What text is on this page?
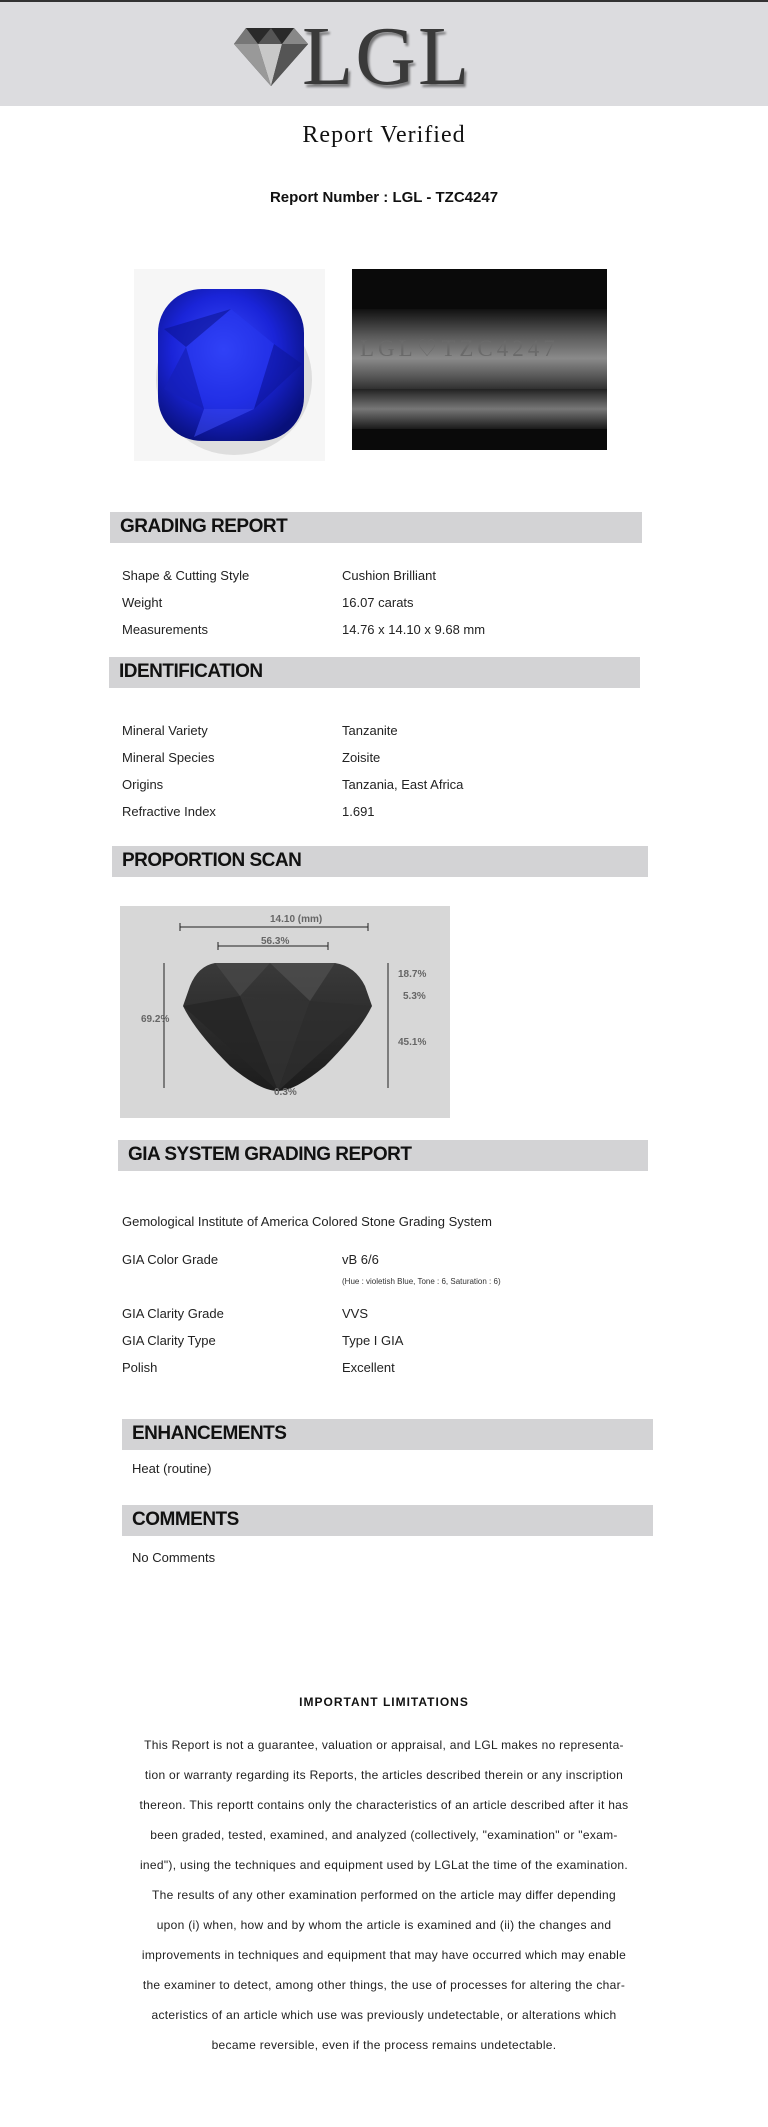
LGL
Report Verified
Report Number : LGL - TZC4247
LGL♡TZC4247
GRADING REPORT
Shape & Cutting Style	Cushion Brilliant
Weight	16.07 carats
Measurements	14.76 x 14.10 x 9.68 mm
IDENTIFICATION
Mineral Variety	Tanzanite
Mineral Species	Zoisite
Origins	Tanzania, East Africa
Refractive Index	1.691
PROPORTION SCAN
14.10 (mm)
56.3%
69.2%
18.7%
5.3%
45.1%
0.3%
GIA SYSTEM GRADING REPORT
Gemological Institute of America Colored Stone Grading System
GIA Color Grade	vB 6/6
(Hue : violetish Blue, Tone : 6, Saturation : 6)
GIA Clarity Grade	VVS
GIA Clarity Type	Type I GIA
Polish	Excellent
ENHANCEMENTS
Heat (routine)
COMMENTS
No Comments
IMPORTANT LIMITATIONS
This Report is not a guarantee, valuation or appraisal, and LGL makes no representa-
tion or warranty regarding its Reports, the articles described therein or any inscription
thereon. This reportt contains only the characteristics of an article described after it has
been graded, tested, examined, and analyzed (collectively, "examination" or "exam-
ined"), using the techniques and equipment used by LGLat the time of the examination.
The results of any other examination performed on the article may differ depending
upon (i) when, how and by whom the article is examined and (ii) the changes and
improvements in techniques and equipment that may have occurred which may enable
the examiner to detect, among other things, the use of processes for altering the char-
acteristics of an article which use was previously undetectable, or alterations which
became reversible, even if the process remains undetectable.
